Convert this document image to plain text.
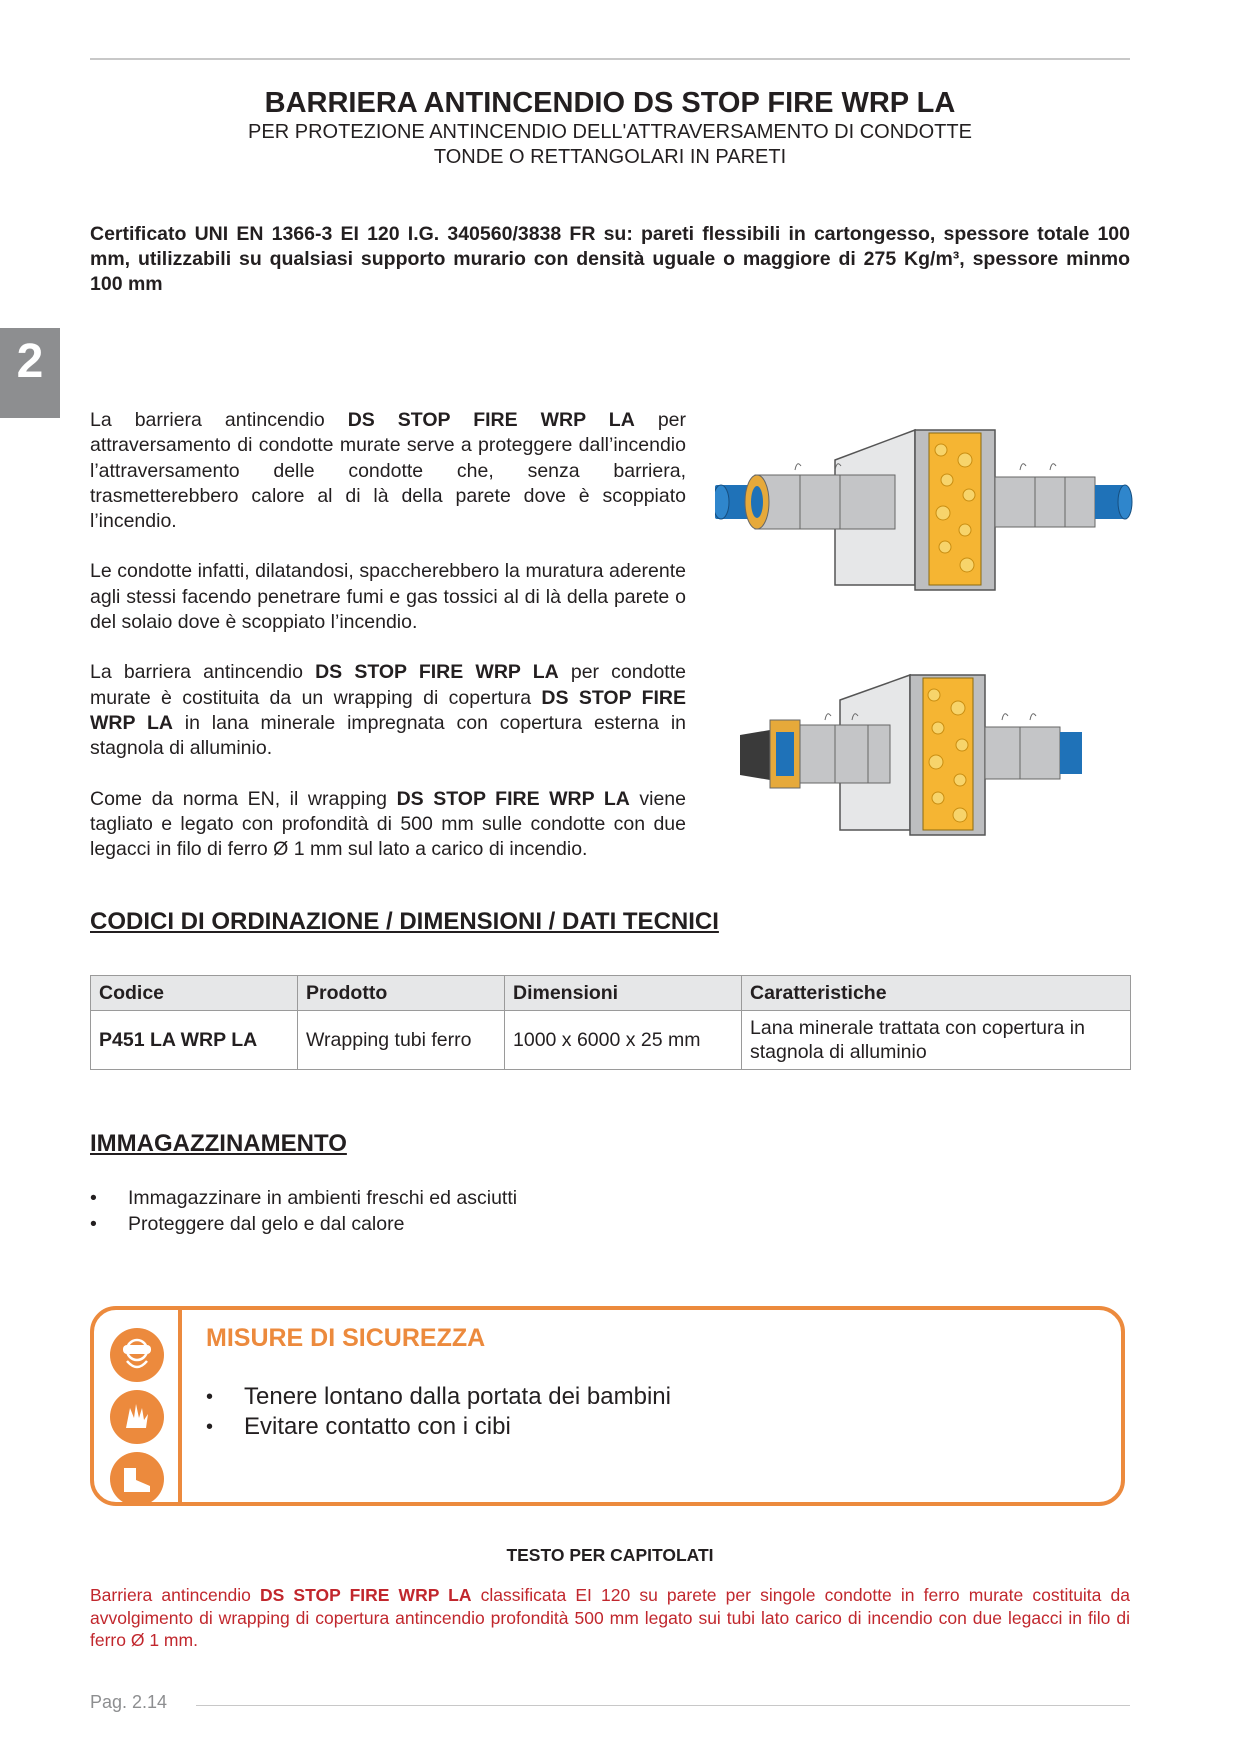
2
BARRIERA ANTINCENDIO DS STOP FIRE WRP LA

PER PROTEZIONE ANTINCENDIO DELL'ATTRAVERSAMENTO DI CONDOTTE

TONDE O RETTANGOLARI IN PARETI

Certificato UNI EN 1366-3 EI 120 I.G. 340560/3838 FR su: pareti flessibili in cartongesso, spessore totale 100 mm, utilizzabili su qualsiasi supporto murario con densità uguale o maggiore di 275 Kg/m³, spessore minmo 100 mm

La barriera antincendio DS STOP FIRE WRP LA per attraversamento di condotte murate serve a proteggere dall’incendio l’attraversamento delle condotte che, senza barriera, trasmetterebbero calore al di là della parete dove è scoppiato l’incendio.

Le condotte infatti, dilatandosi, spaccherebbero la muratura aderente agli stessi facendo penetrare fumi e gas tossici al di là della parete o del solaio dove è scoppiato l’incendio.

La barriera antincendio DS STOP FIRE WRP LA per condotte murate è costituita da un wrapping di copertura DS STOP FIRE WRP LA in lana minerale impregnata con copertura esterna in stagnola di alluminio.

Come da norma EN, il wrapping DS STOP FIRE WRP LA viene tagliato e legato con profondità di 500 mm sulle condotte con due legacci in filo di ferro Ø 1 mm sul lato a carico di incendio.

CODICI DI ORDINAZIONE / DIMENSIONI / DATI TECNICI
Codice	Prodotto	Dimensioni	Caratteristiche
P451 LA WRP LA	Wrapping tubi ferro	1000 x 6000 x 25 mm	Lana minerale trattata con copertura in stagnola di alluminio
IMMAGAZZINAMENTO
• Immagazzinare in ambienti freschi ed asciutti
• Proteggere dal gelo e dal calore
MISURE DI SICUREZZA
• Tenere lontano dalla portata dei bambini
• Evitare contatto con i cibi
TESTO PER CAPITOLATI

Barriera antincendio DS STOP FIRE WRP LA classificata EI 120 su parete per singole condotte in ferro murate costituita da avvolgimento di wrapping di copertura antincendio profondità 500 mm legato sui tubi lato carico di incendio con due legacci in filo di ferro Ø 1 mm.

Pag. 2.14
